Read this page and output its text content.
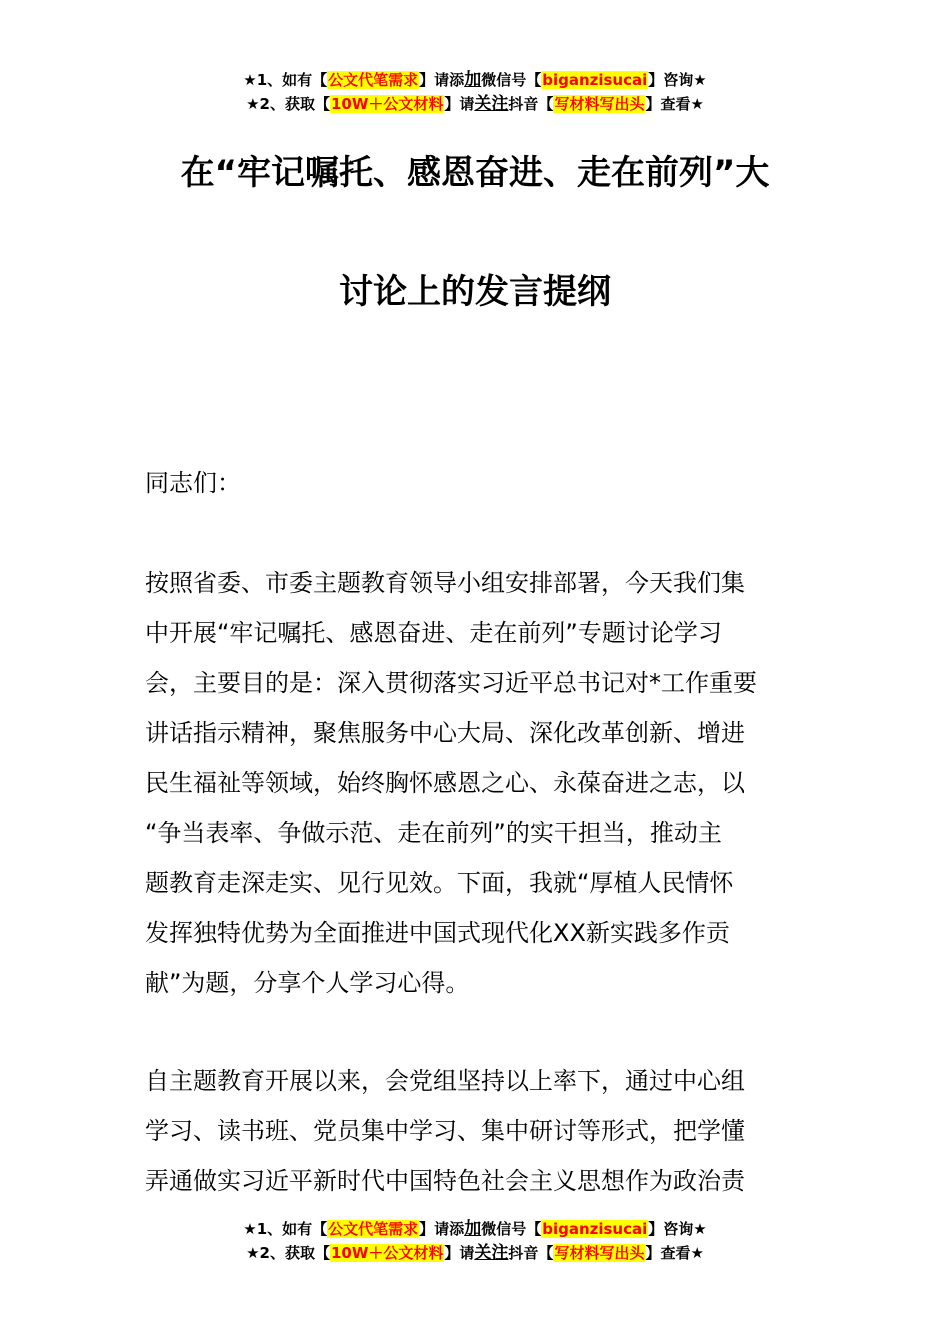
★1、如有【公文代笔需求】请添加微信号【biganzisucai】咨询★
★2、获取【10W＋公文材料】请关注抖音【写材料写出头】查看★
在“牢记嘱托、感恩奋进、走在前列”大
讨论上的发言提纲
同志们：
按照省委、市委主题教育领导小组安排部署，今天我们集
中开展“牢记嘱托、感恩奋进、走在前列”专题讨论学习
会，主要目的是：深入贯彻落实习近平总书记对*工作重要
讲话指示精神，聚焦服务中心大局、深化改革创新、增进
民生福祉等领域，始终胸怀感恩之心、永葆奋进之志，以
“争当表率、争做示范、走在前列”的实干担当，推动主
题教育走深走实、见行见效。下面，我就“厚植人民情怀
发挥独特优势为全面推进中国式现代化XX新实践多作贡
献”为题，分享个人学习心得。
自主题教育开展以来，会党组坚持以上率下，通过中心组
学习、读书班、党员集中学习、集中研讨等形式，把学懂
弄通做实习近平新时代中国特色社会主义思想作为政治责
★1、如有【公文代笔需求】请添加微信号【biganzisucai】咨询★
★2、获取【10W＋公文材料】请关注抖音【写材料写出头】查看★
